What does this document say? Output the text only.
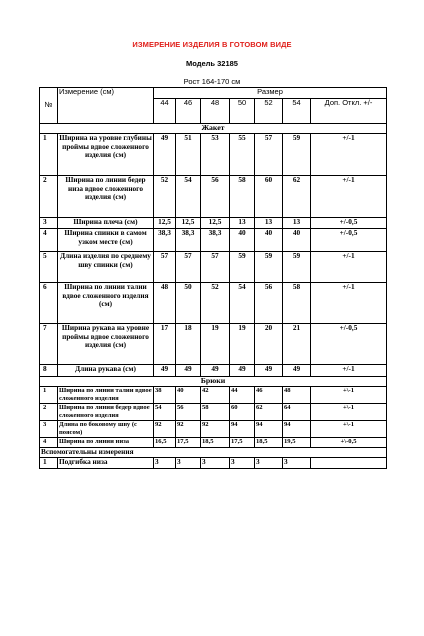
ИЗМЕРЕНИЕ ИЗДЕЛИЯ В ГОТОВОМ ВИДЕ
Модель 32185
Рост 164-170 см
№	Измерение (см)	Размер						
		44	46	48	50	52	54	Доп. Откл. +/-
Жакет								
1	Ширина на уровне глубины проймы вдвое сложенного изделия (см)	49	51	53	55	57	59	+/-1
2	Ширина по линии бедер низа вдвое сложенного изделия (см)	52	54	56	58	60	62	+/-1
3	Ширина плеча (см)	12,5	12,5	12,5	13	13	13	+/-0,5
4	Ширина спинки в самом узком месте (см)	38,3	38,3	38,3	40	40	40	+/-0,5
5	Длина изделия по среднему шву спинки (см)	57	57	57	59	59	59	+/-1
6	Ширина по линии талии вдвое сложенного изделия (см)	48	50	52	54	56	58	+/-1
7	Ширина рукава на уровне проймы вдвое сложенного изделия (см)	17	18	19	19	20	21	+/-0,5
8	Длина рукава (см)	49	49	49	49	49	49	+/-1
Брюки								
1	Ширина по линии талии вдвое сложенного изделия	38	40	42	44	46	48	+\-1
2	Ширина по линии бедер вдвое сложенного изделия	54	56	58	60	62	64	+\-1
3	Длина по боковому шву (с поясом)	92	92	92	94	94	94	+\-1
4	Ширина по линии низа	16,5	17,5	18,5	17,5	18,5	19,5	+\-0,5
Вспомогательны измерения								
1	Подгибка низа	3	3	3	3	3	3	
